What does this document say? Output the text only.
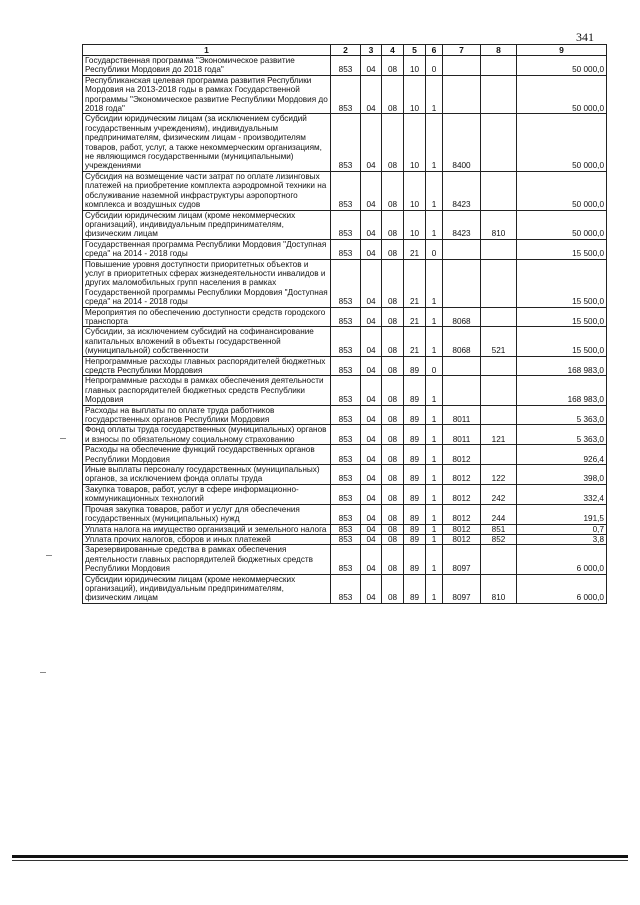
341
1	2	3	4	5	6	7	8	9
Государственная программа "Экономическое развитие Республики Мордовия до 2018 года"	853	04	08	10	0			50 000,0
Республиканская целевая программа развития Республики Мордовия на 2013-2018 годы в рамках Государственной программы "Экономическое развитие Республики Мордовия до 2018 года"	853	04	08	10	1			50 000,0
Субсидии юридическим лицам (за исключением субсидий государственным учреждениям), индивидуальным предпринимателям, физическим лицам - производителям товаров, работ, услуг, а также некоммерческим организациям, не являющимся государственными (муниципальными) учреждениями	853	04	08	10	1	8400		50 000,0
Субсидия на возмещение части затрат по оплате лизинговых платежей на приобретение комплекта аэродромной техники на обслуживание наземной инфраструктуры аэропортного комплекса и воздушных судов	853	04	08	10	1	8423		50 000,0
Субсидии юридическим лицам (кроме некоммерческих организаций), индивидуальным предпринимателям, физическим лицам	853	04	08	10	1	8423	810	50 000,0
Государственная программа Республики Мордовия "Доступная среда" на 2014 - 2018 годы	853	04	08	21	0			15 500,0
Повышение уровня доступности приоритетных объектов и услуг в приоритетных сферах жизнедеятельности инвалидов и других маломобильных групп населения в рамках Государственной программы Республики Мордовия "Доступная среда" на 2014 - 2018 годы	853	04	08	21	1			15 500,0
Мероприятия по обеспечению доступности средств городского транспорта	853	04	08	21	1	8068		15 500,0
Субсидии, за исключением субсидий на софинансирование капитальных вложений в объекты государственной (муниципальной) собственности	853	04	08	21	1	8068	521	15 500,0
Непрограммные расходы главных распорядителей бюджетных средств Республики Мордовия	853	04	08	89	0			168 983,0
Непрограммные расходы в рамках обеспечения деятельности главных распорядителей бюджетных средств Республики Мордовия	853	04	08	89	1			168 983,0
Расходы на выплаты по оплате труда работников государственных органов Республики Мордовия	853	04	08	89	1	8011		5 363,0
Фонд оплаты труда государственных (муниципальных) органов и взносы по обязательному социальному страхованию	853	04	08	89	1	8011	121	5 363,0
Расходы на обеспечение функций государственных органов Республики Мордовия	853	04	08	89	1	8012		926,4
Иные выплаты персоналу государственных (муниципальных) органов, за исключением фонда оплаты труда	853	04	08	89	1	8012	122	398,0
Закупка товаров, работ, услуг в сфере информационно-коммуникационных технологий	853	04	08	89	1	8012	242	332,4
Прочая закупка товаров, работ и услуг для обеспечения государственных (муниципальных) нужд	853	04	08	89	1	8012	244	191,5
Уплата налога на имущество организаций и земельного налога	853	04	08	89	1	8012	851	0,7
Уплата прочих налогов, сборов и иных платежей	853	04	08	89	1	8012	852	3,8
Зарезервированные средства в рамках обеспечения деятельности главных распорядителей бюджетных средств Республики Мордовия	853	04	08	89	1	8097		6 000,0
Субсидии юридическим лицам (кроме некоммерческих организаций), индивидуальным предпринимателям, физическим лицам	853	04	08	89	1	8097	810	6 000,0
